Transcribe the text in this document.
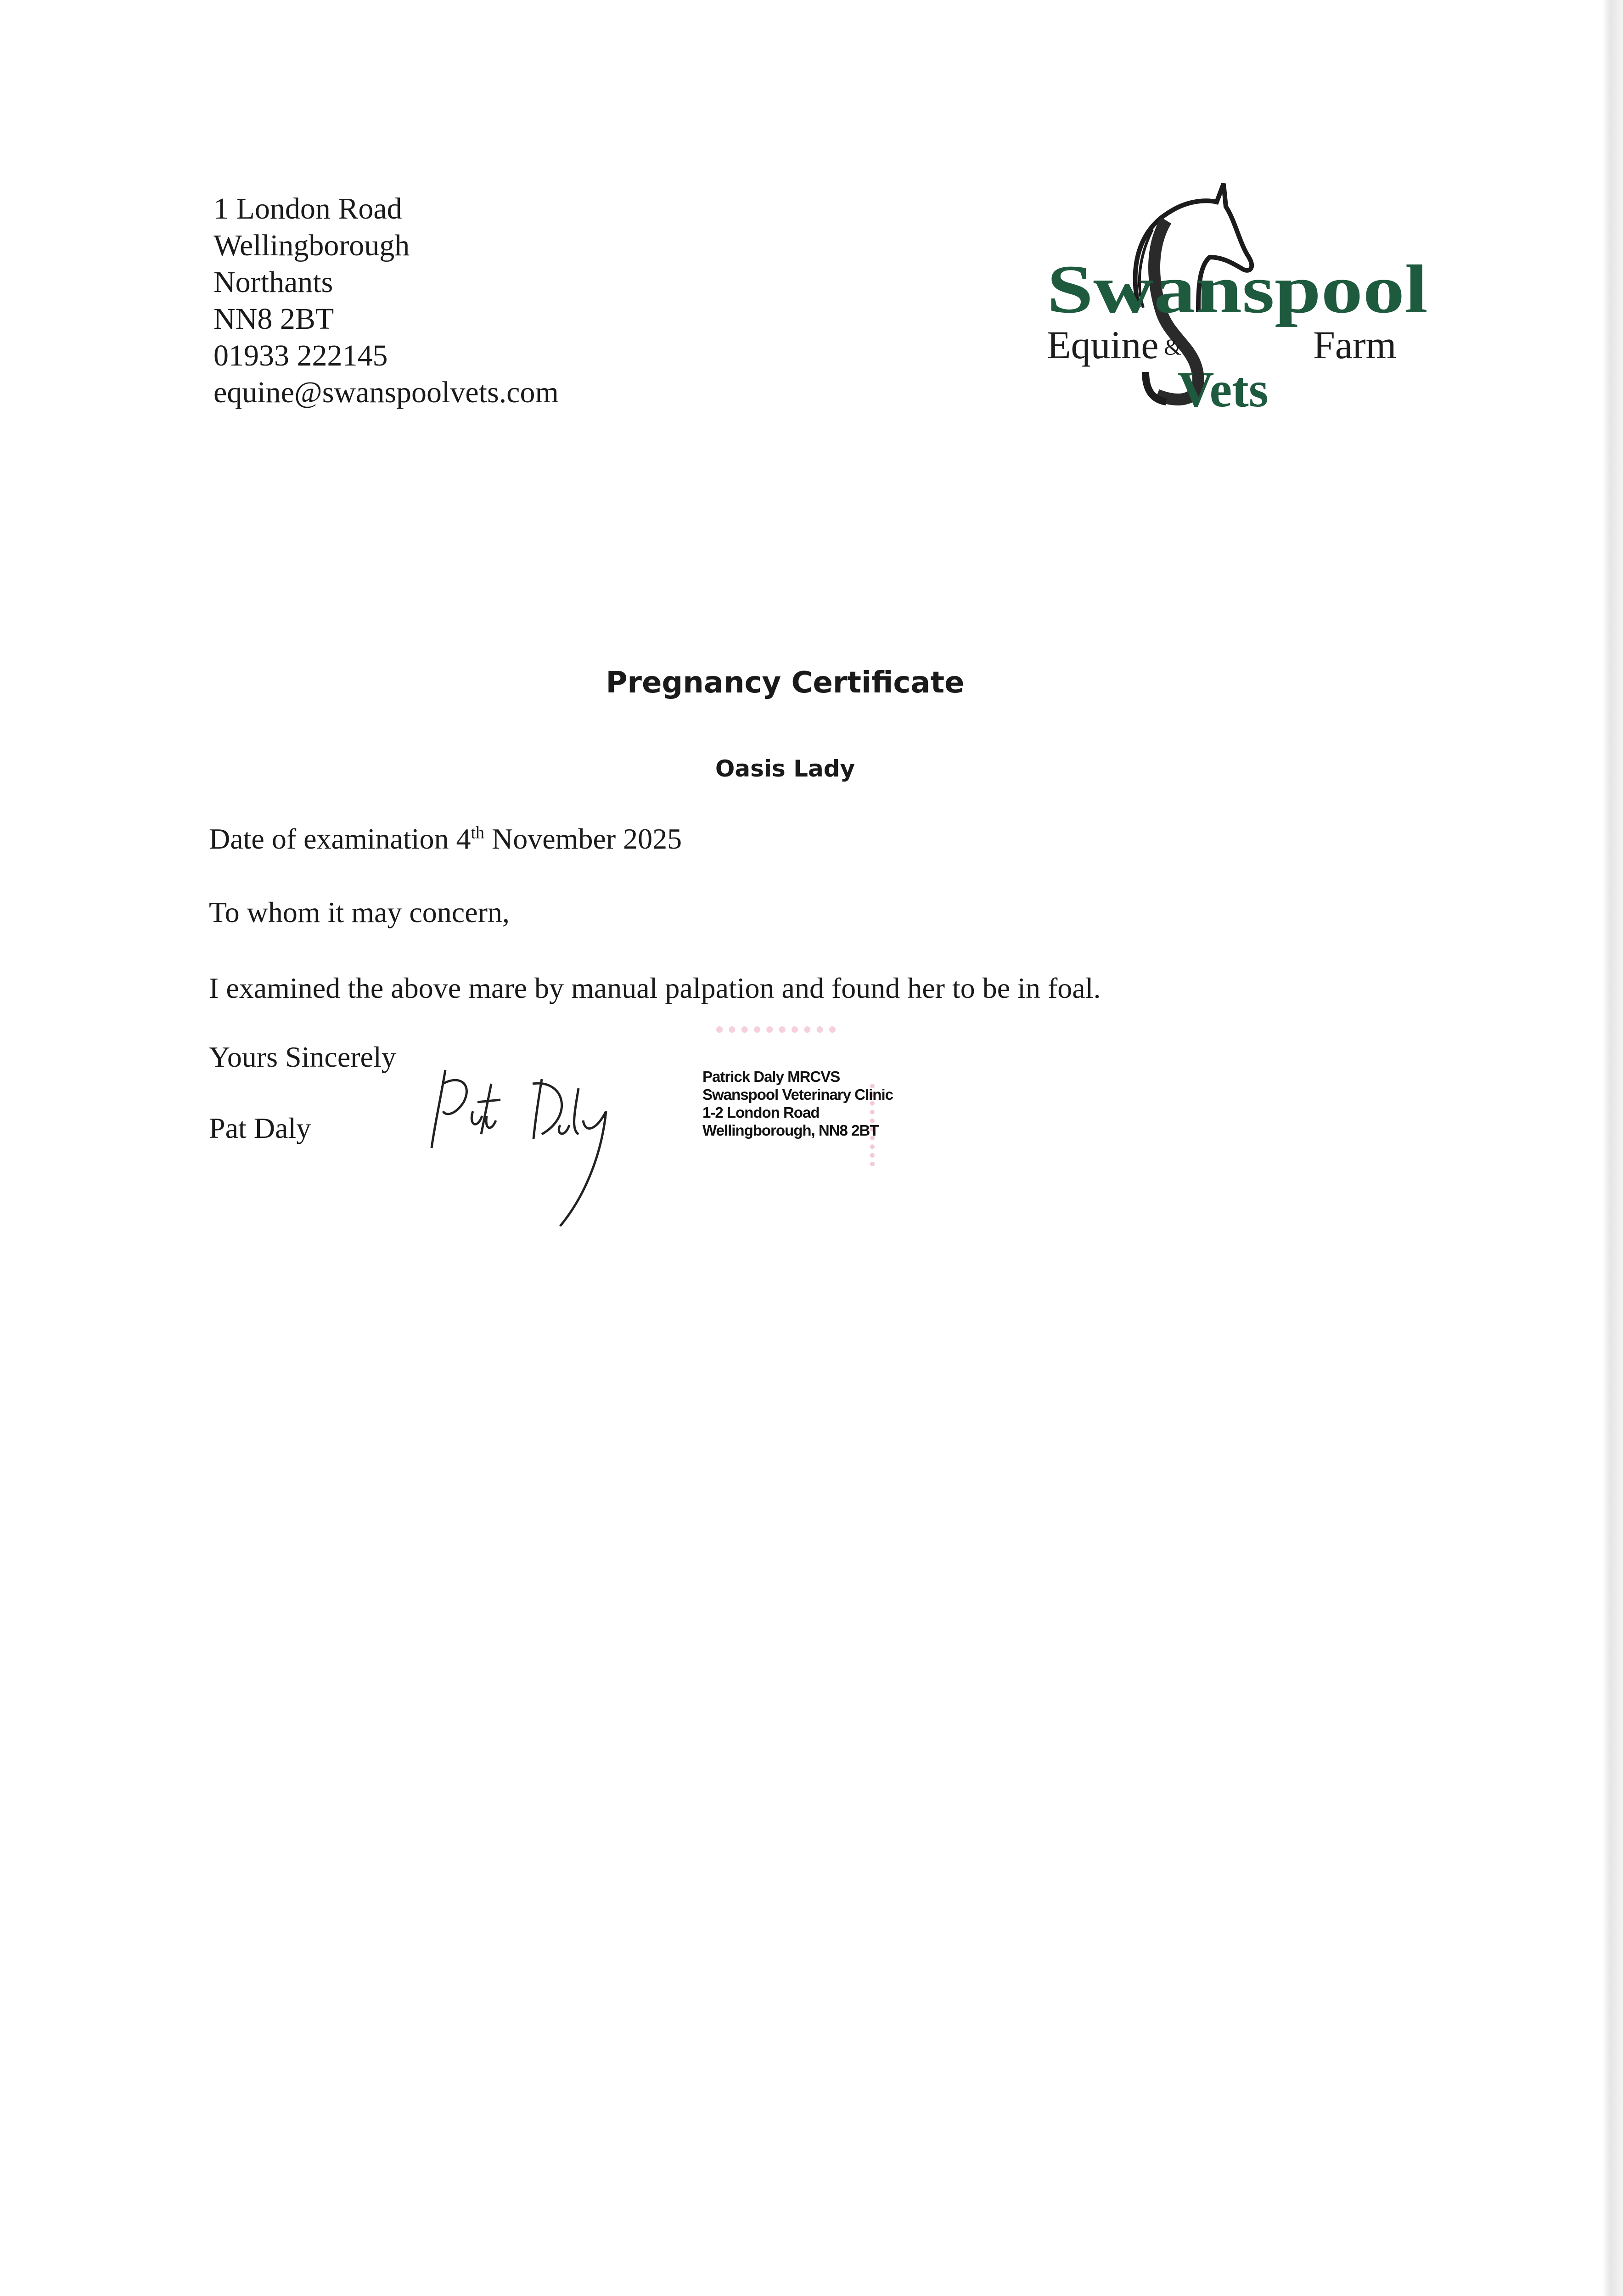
1 London Road
Wellingborough
Northants
NN8 2BT
01933 222145
equine@swanspoolvets.com
Swanspool
Equine &	Farm
Vets
Pregnancy Certificate
Oasis Lady
Date of examination 4th November 2025
To whom it may concern,
I examined the above mare by manual palpation and found her to be in foal.
Yours Sincerely
Pat Daly
Patrick Daly MRCVS
Swanspool Veterinary Clinic
1-2 London Road
Wellingborough, NN8 2BT
